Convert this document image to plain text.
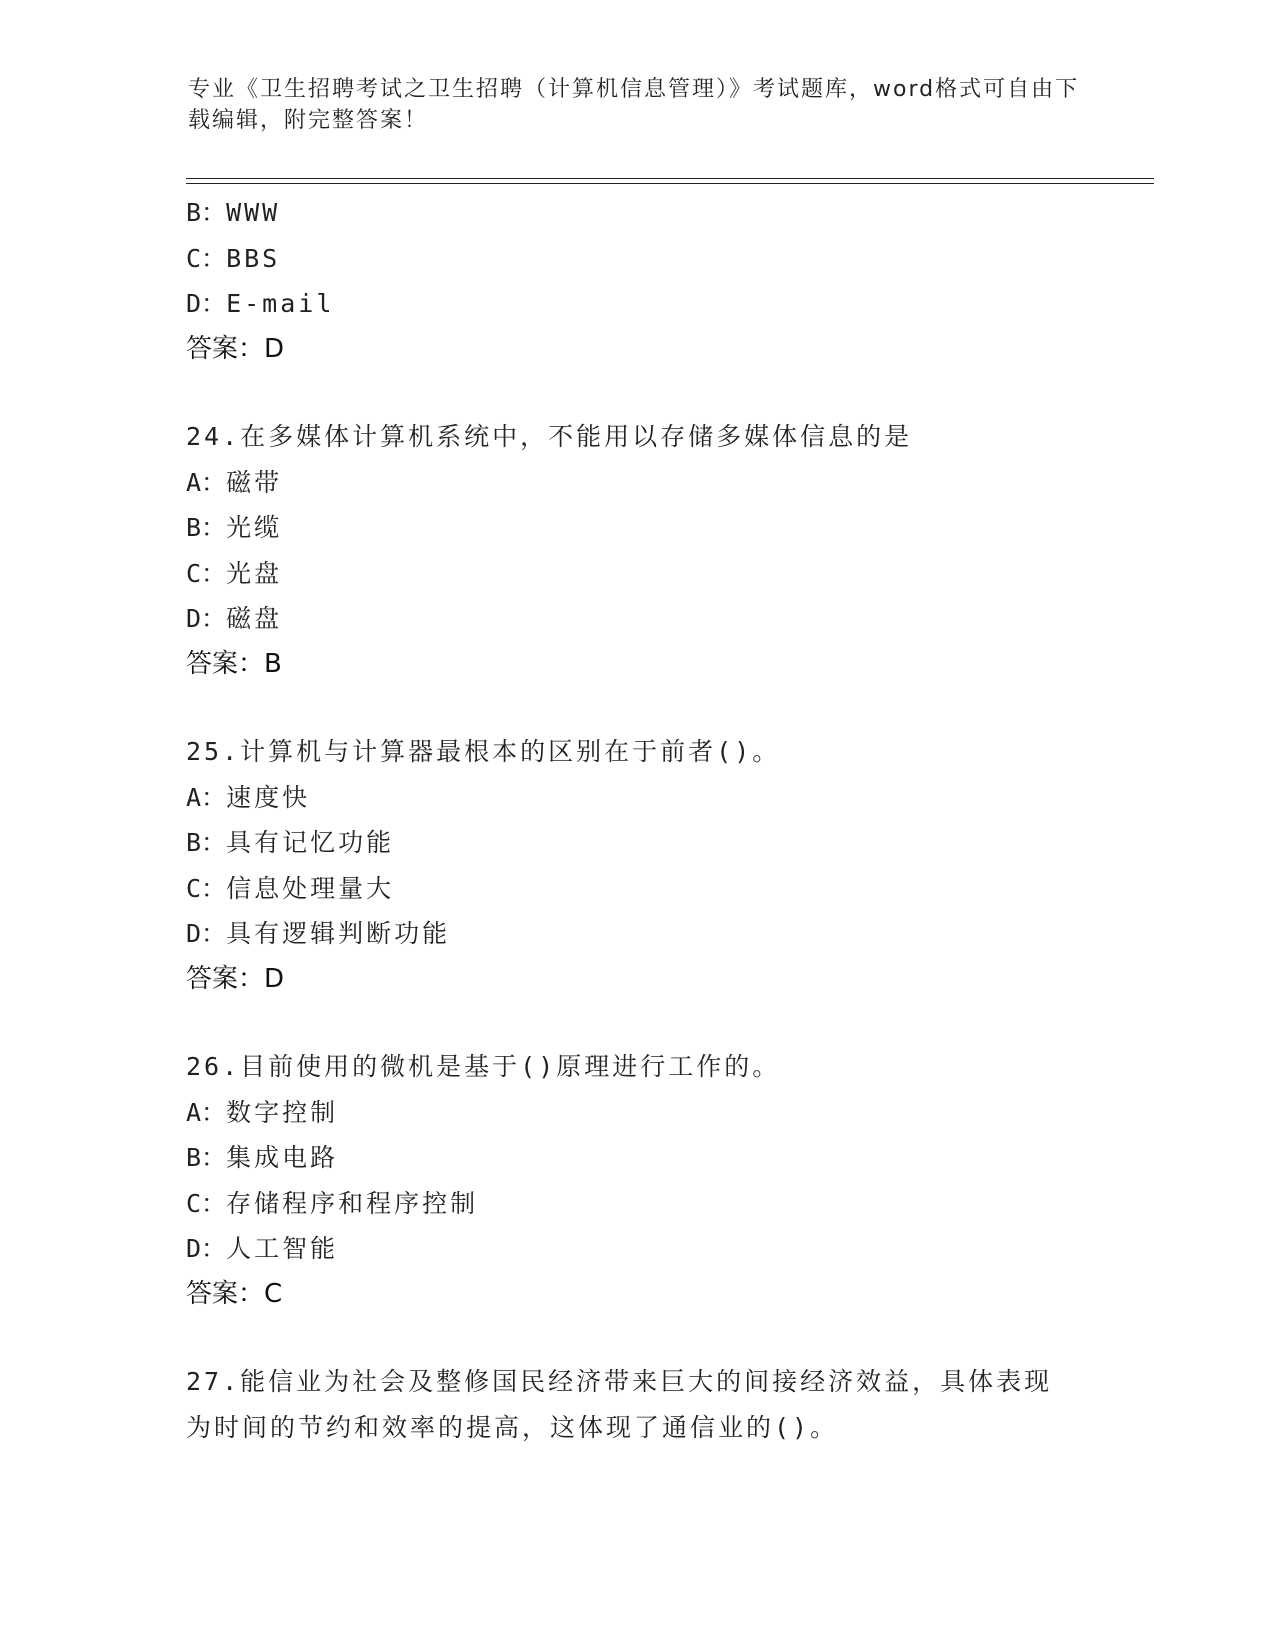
专业《卫生招聘考试之卫生招聘（计算机信息管理）》考试题库，word格式可自由下载编辑，附完整答案！
B：WWW
C：BBS
D：E-mail
答案：D
24.在多媒体计算机系统中，不能用以存储多媒体信息的是
A：磁带
B：光缆
C：光盘
D：磁盘
答案：B
25.计算机与计算器最根本的区别在于前者()。
A：速度快
B：具有记忆功能
C：信息处理量大
D：具有逻辑判断功能
答案：D
26.目前使用的微机是基于()原理进行工作的。
A：数字控制
B：集成电路
C：存储程序和程序控制
D：人工智能
答案：C
27.能信业为社会及整修国民经济带来巨大的间接经济效益，具体表现
为时间的节约和效率的提高，这体现了通信业的()。
